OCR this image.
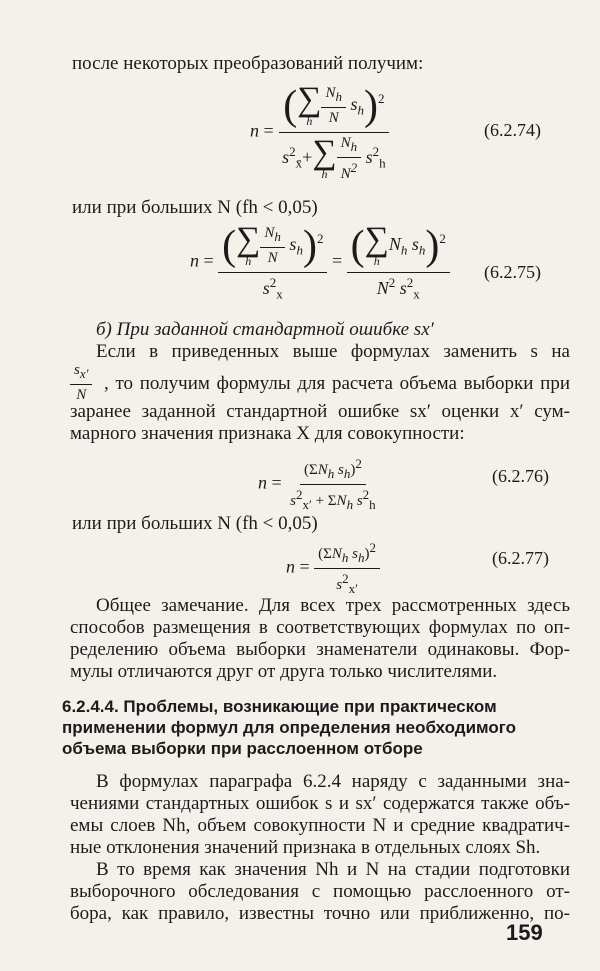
после некоторых преобразований получим:
n = (∑
h $\frac{N_h}{N} s_h)^2$
$s^2_{x̄}+\sum$
h $\frac{N_h}{N^2} s^2_h$	(6.2.74)
или при больших N (fh < 0,05)
n = (∑
h $\frac{N_h}{N} s_h)^2$
$s^2_x$ = (∑
h
$N_h$ $s_h)^2$
$N^2$ $s^2_x$ (6.2.75)
б) При заданной стандартной ошибке sx′
Если в приведенных выше формулах заменить s на
$\frac{s_{x'}}{N}$ , то получим формулы для расчета объема выборки при
заранее заданной стандартной ошибке sx′ оценки x′ сум-
марного значения признака X для совокупности:
$n = \frac{(\Sigma N_h s_h)^2}{s^2_{x'} + \Sigma N_h s^2_h}$	(6.2.76)
или при больших N (fh < 0,05)
$n = \frac{(\Sigma N_h s_h)^2}{s^2_{x'}}$	(6.2.77)
Общее замечание. Для всех трех рассмотренных здесь
способов размещения в соответствующих формулах по оп-
ределению объема выборки знаменатели одинаковы. Фор-
мулы отличаются друг от друга только числителями.
6.2.4.4. Проблемы, возникающие при практическом
применении формул для определения необходимого
объема выборки при расслоенном отборе
В формулах параграфа 6.2.4 наряду с заданными зна-
чениями стандартных ошибок s и sx′ содержатся также объ-
емы слоев Nh, объем совокупности N и средние квадратич-
ные отклонения значений признака в отдельных слоях Sh.
В то время как значения Nh и N на стадии подготовки
выборочного обследования с помощью расслоенного от-
бора, как правило, известны точно или приближенно, по-
159
